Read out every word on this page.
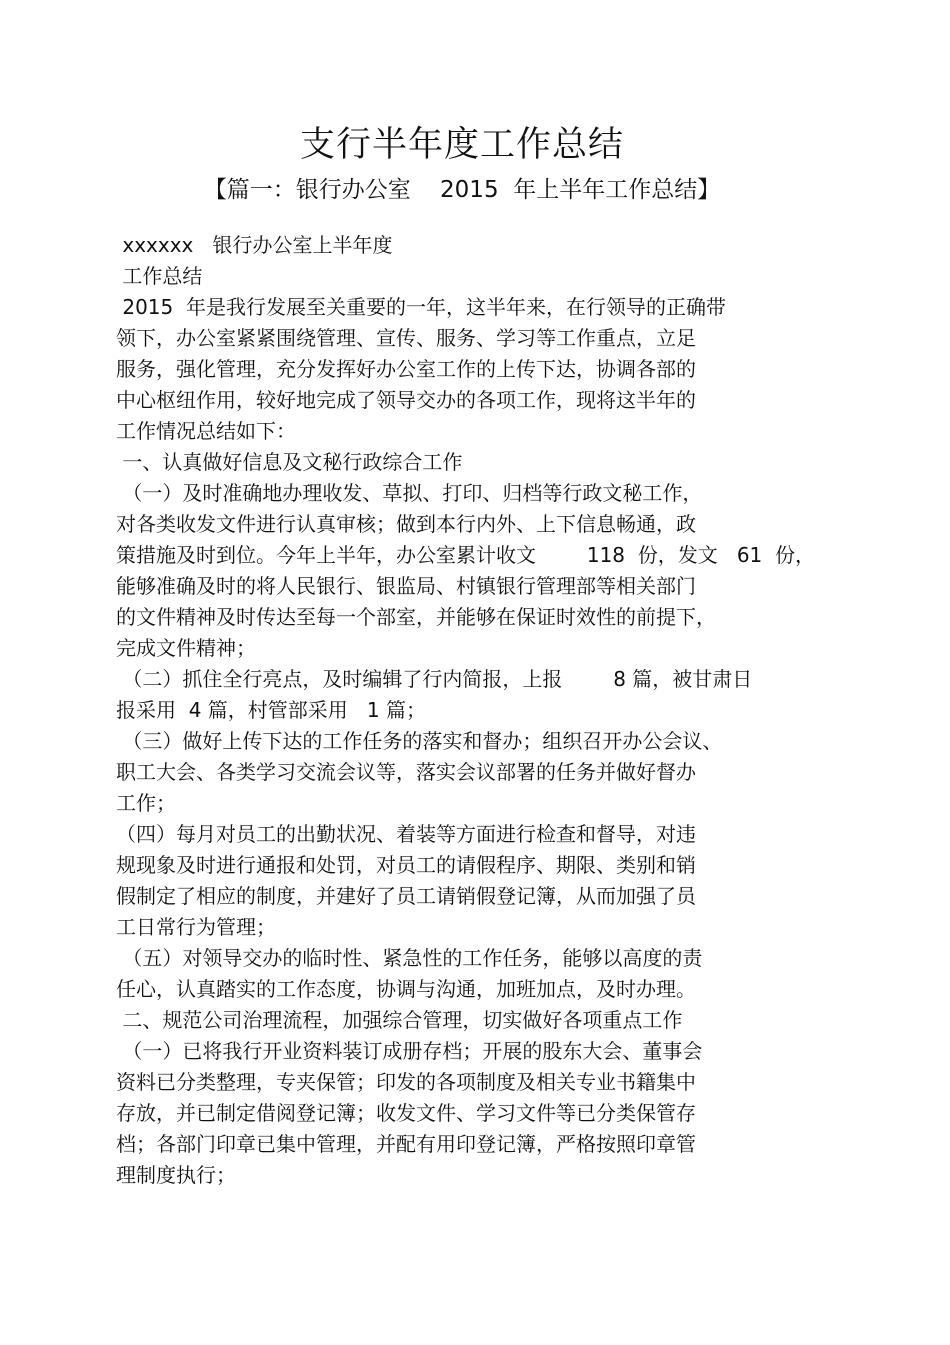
支行半年度工作总结
【篇一：银行办公室    2015  年上半年工作总结】
xxxxxx   银行办公室上半年度
工作总结
2015  年是我行发展至关重要的一年，这半年来，在行领导的正确带
领下，办公室紧紧围绕管理、宣传、服务、学习等工作重点，立足
服务，强化管理，充分发挥好办公室工作的上传下达，协调各部的
中心枢纽作用，较好地完成了领导交办的各项工作，现将这半年的
工作情况总结如下：
一、认真做好信息及文秘行政综合工作
（一）及时准确地办理收发、草拟、打印、归档等行政文秘工作，
对各类收发文件进行认真审核；做到本行内外、上下信息畅通，政
策措施及时到位。今年上半年，办公室累计收文        118  份，发文   61  份，
能够准确及时的将人民银行、银监局、村镇银行管理部等相关部门
的文件精神及时传达至每一个部室，并能够在保证时效性的前提下，
完成文件精神；
（二）抓住全行亮点，及时编辑了行内简报，上报        8 篇，被甘肃日
报采用  4 篇，村管部采用   1 篇；
（三）做好上传下达的工作任务的落实和督办；组织召开办公会议、
职工大会、各类学习交流会议等，落实会议部署的任务并做好督办
工作；
（四）每月对员工的出勤状况、着装等方面进行检查和督导，对违
规现象及时进行通报和处罚，对员工的请假程序、期限、类别和销
假制定了相应的制度，并建好了员工请销假登记簿，从而加强了员
工日常行为管理；
（五）对领导交办的临时性、紧急性的工作任务，能够以高度的责
任心，认真踏实的工作态度，协调与沟通，加班加点，及时办理。
二、规范公司治理流程，加强综合管理，切实做好各项重点工作
（一）已将我行开业资料装订成册存档；开展的股东大会、董事会
资料已分类整理，专夹保管；印发的各项制度及相关专业书籍集中
存放，并已制定借阅登记簿；收发文件、学习文件等已分类保管存
档；各部门印章已集中管理，并配有用印登记簿，严格按照印章管
理制度执行；
